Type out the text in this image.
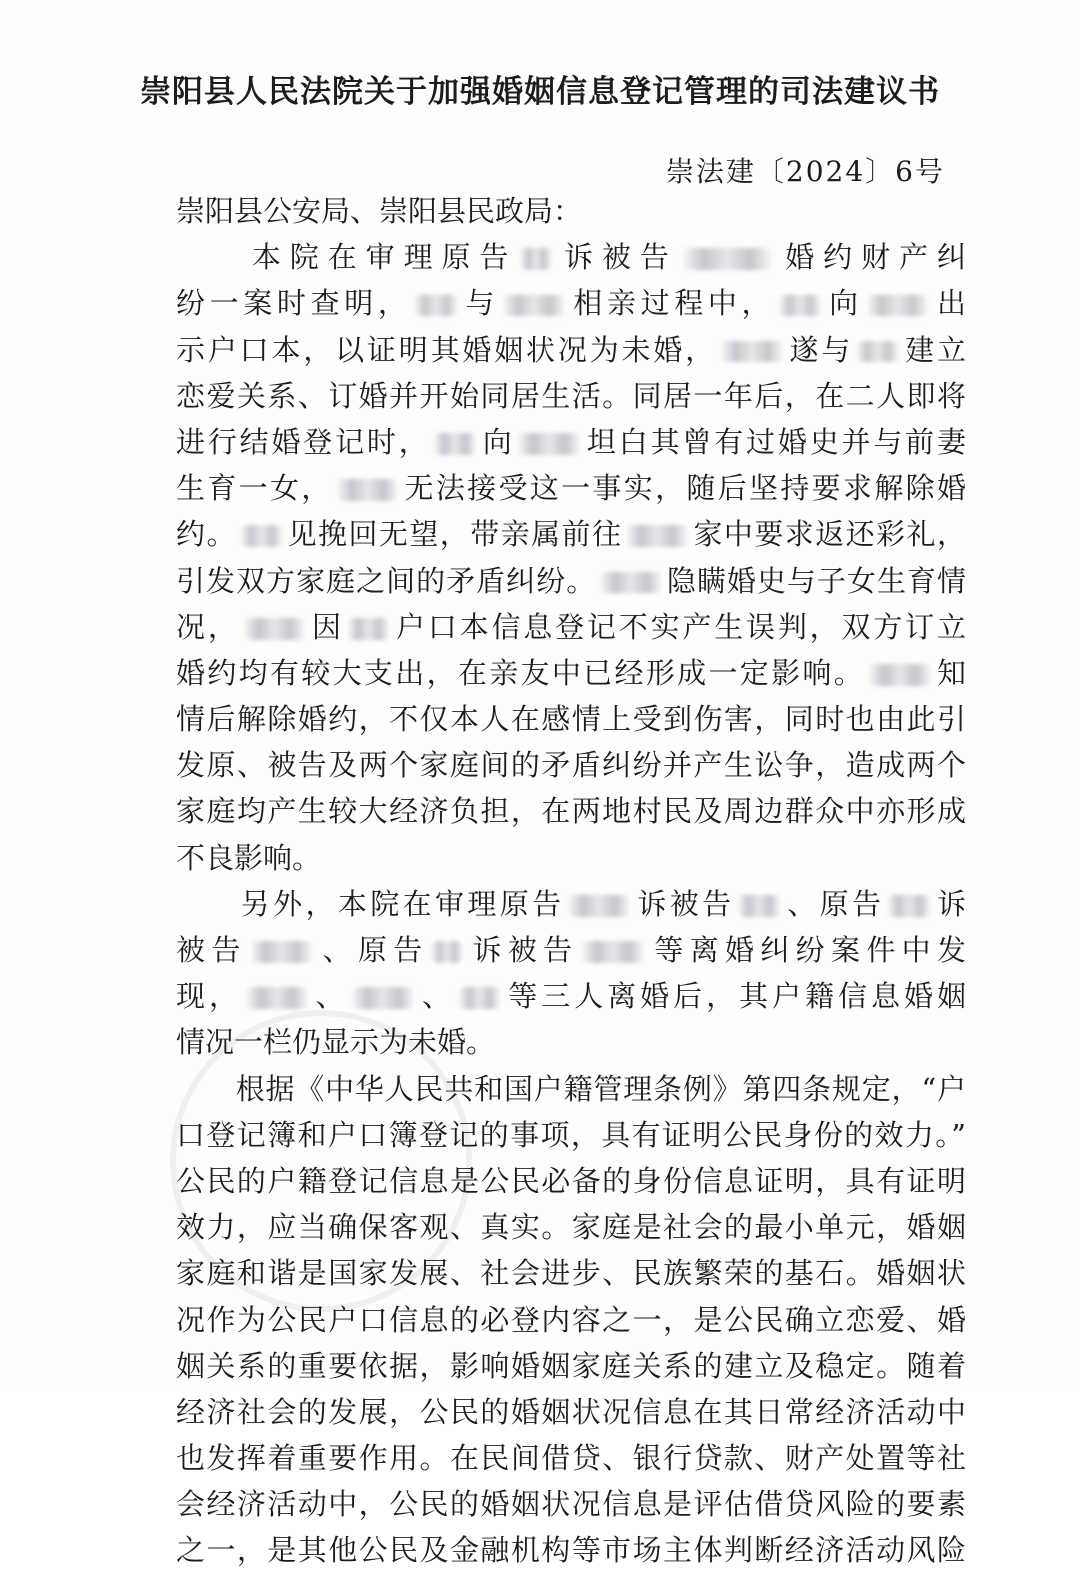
崇阳县人民法院关于加强婚姻信息登记管理的司法建议书
崇法建〔2024〕6号
崇阳县公安局、崇阳县民政局：
　　本院在审理原告 诉被告	婚约财产纠
纷一案时查明， 与 相亲过程中， 向 出
示户口本，以证明其婚姻状况为未婚， 遂与 建立
恋爱关系、订婚并开始同居生活。同居一年后，在二人即将
进行结婚登记时， 向 坦白其曾有过婚史并与前妻
生育一女， 无法接受这一事实，随后坚持要求解除婚
约。 见挽回无望，带亲属前往 家中要求返还彩礼，
引发双方家庭之间的矛盾纠纷。 隐瞒婚史与子女生育情
况， 因 户口本信息登记不实产生误判，双方订立
婚约均有较大支出，在亲友中已经形成一定影响。 知
情后解除婚约，不仅本人在感情上受到伤害，同时也由此引
发原、被告及两个家庭间的矛盾纠纷并产生讼争，造成两个
家庭均产生较大经济负担，在两地村民及周边群众中亦形成
不良影响。
　　另外，本院在审理原告 诉被告 、原告 诉
被告 、原告 诉被告 等离婚纠纷案件中发
现， 、 、 等三人离婚后，其户籍信息婚姻
情况一栏仍显示为未婚。
　　根据《中华人民共和国户籍管理条例》第四条规定，“户
口登记簿和户口簿登记的事项，具有证明公民身份的效力。”
公民的户籍登记信息是公民必备的身份信息证明，具有证明
效力，应当确保客观、真实。家庭是社会的最小单元，婚姻
家庭和谐是国家发展、社会进步、民族繁荣的基石。婚姻状
况作为公民户口信息的必登内容之一，是公民确立恋爱、婚
姻关系的重要依据，影响婚姻家庭关系的建立及稳定。随着
经济社会的发展，公民的婚姻状况信息在其日常经济活动中
也发挥着重要作用。在民间借贷、银行贷款、财产处置等社
会经济活动中，公民的婚姻状况信息是评估借贷风险的要素
之一，是其他公民及金融机构等市场主体判断经济活动风险
